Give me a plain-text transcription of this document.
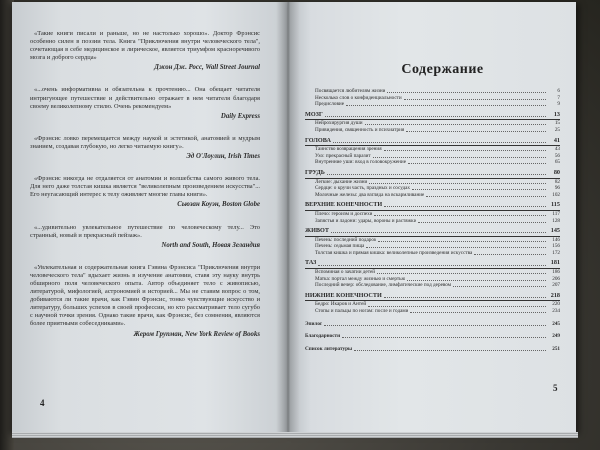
«Такие книги писали и раньше, но не настолько хорошо». Доктор Фрэнсис особенно силен в поэзии тела. Книга "Приключения внутри человеческого тела", сочетающая в себе медицинское и лирическое, является триумфом красноречивого мозга и доброго сердца»
Джон Дж. Росс, Wall Street Journal
«...очень информативна и обязательна к прочтению... Она обещает читателя интригующее путешествие и действительно отражает в нем читателя благодаря своему великолепному стилю. Очень рекомендуем»
Daily Express
«Фрэнсис ловко перемещается между наукой и эстетикой, анатомией и мудрым знанием, создавая глубокую, но легко читаемую книгу».
Эд О'Лоулин, Irish Times
«Фрэнсис никогда не отдаляется от анатомии и волшебства самого живого тела. Для него даже толстая кишка является "великолепным произведением искусства"... Его неугасающий интерес к телу оживляет многие главы книги».
Сьюзан Коуэн, Boston Globe
«...удивительно увлекательное путешествие по человеческому телу... Это странный, новый и прекрасный пейзаж».
North and South, Новая Зеландия
«Увлекательная и содержательная книга Гэвина Фрэнсиса "Приключения внутри человеческого тела" вдыхает жизнь в изучение анатомии, ставя эту науку внутрь обширного поля человеческого опыта. Автор объединяет тело с живописью, литературой, мифологией, астрономией и историей... Мы не ставим вопрос о том, добиваются ли такие врачи, как Гэвин Фрэнсис, тонко чувствующие искусство и литературу, больших успехов в своей профессии, но кто рассматривает тело сугубо с научной точки зрения. Однако такие врачи, как Фрэнсис, без сомнения, являются более приятными собеседниками».
Жером Групман, New York Review of Books
4
Содержание
Посвящается любителям жизни	6
Несколько слов о конфиденциальности	7
Предисловие	9
МОЗГ	13
Нейрохирургия души	15
Привидения, священность и психиатрия	25
ГОЛОВА	41
Таинство возвращения зрения	43
Ухо: прекрасный паразит	56
Внутренние уши: вход в головокружение	65
ГРУДЬ	80
Легкие: дыхание жизни	82
Сердце: о кручи часть, праздных и сосудах	96
Молочные железы: два взгляда на вскармливание	102
ВЕРХНИЕ КОНЕЧНОСТИ	115
Плечо: героизм и доспехи	117
Запястья и ладони: удары, вороны и растяжки	128
ЖИВОТ	145
Печень: последний подарок	146
Печень: седьмая пища	156
Толстая кишка и прямая кишка: великолепные произведения искусства	172
ТАЗ	181
Вспоминая о зачатии детей	186
Матка: портал между жизнью и смертью	206
Последний вечер: обследование, лимфатические под деревом	207
НИЖНИЕ КОНЕЧНОСТИ	218
Бедро: Икаров и Антей	220
Стопы и пальцы по ногам: после и годами	234
Эпилог	245
Благодарности	249
Список литературы	251
5
